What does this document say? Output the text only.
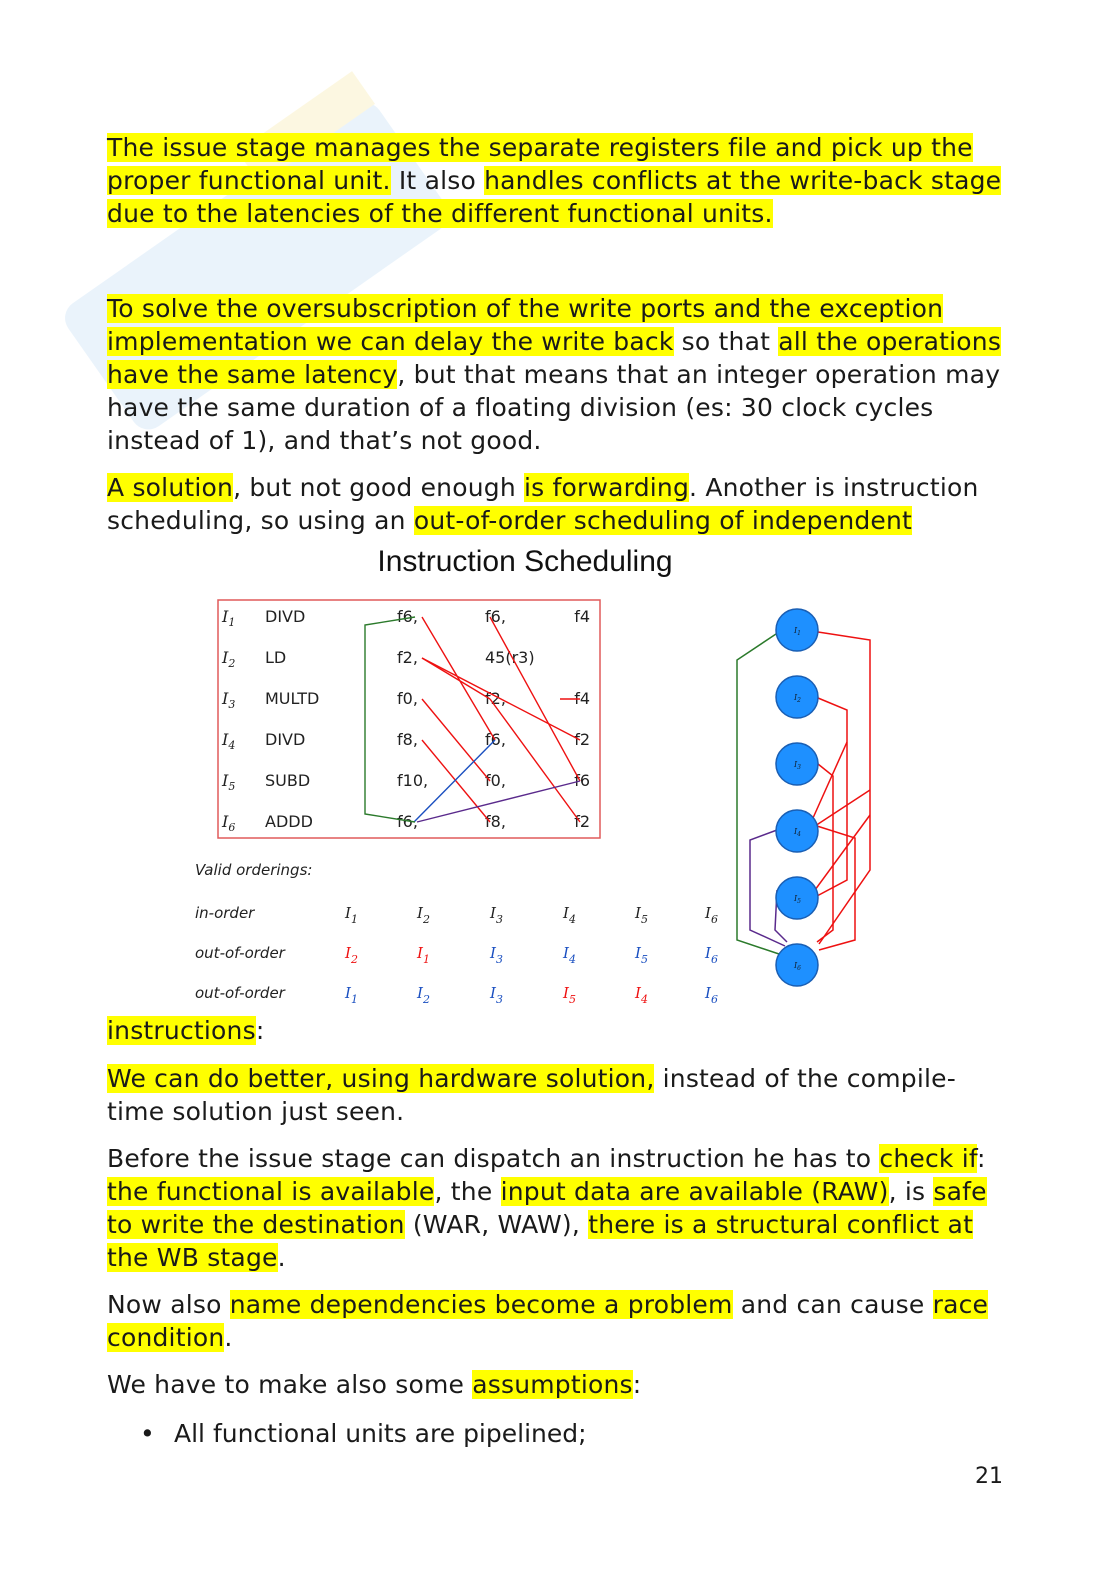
The issue stage manages the separate registers file and pick up the proper functional unit. It also handles conflicts at the write-back stage due to the latencies of the different functional units.

To solve the oversubscription of the write ports and the exception implementation we can delay the write back so that all the operations have the same latency, but that means that an integer operation may have the same duration of a floating division (es: 30 clock cycles instead of 1), and that’s not good.

A solution, but not good enough is forwarding. Another is instruction scheduling, so using an out-of-order scheduling of independent

Instruction Scheduling
$I_1$ DIVD	f6,	f6,	f4
$I_2$ LD	f2,	45(r3)
$I_3$ MULTD	f0,	f2,	f4
$I_4$ DIVD	f8,	f6,	f2
$I_5$ SUBD	f10,	f0,	f6
$I_6$ ADDD	f6,	f8,	f2
Valid orderings:
in-order	$I_1$	$I_2$	$I_3$	$I_4$	$I_5$	$I_6$
out-of-order	$I_2$	$I_1$	$I_3$	$I_4$	$I_5$	$I_6$
out-of-order	$I_1$	$I_2$	$I_3$	$I_5$	$I_4$	$I_6$
$I_1$
$I_2$
$I_3$
$I_4$
$I_5$
$I_6$

instructions:

We can do better, using hardware solution, instead of the compile-time solution just seen.

Before the issue stage can dispatch an instruction he has to check if: the functional is available, the input data are available (RAW), is safe to write the destination (WAR, WAW), there is a structural conflict at the WB stage.

Now also name dependencies become a problem and can cause race condition.

We have to make also some assumptions:

• All functional units are pipelined;
21
